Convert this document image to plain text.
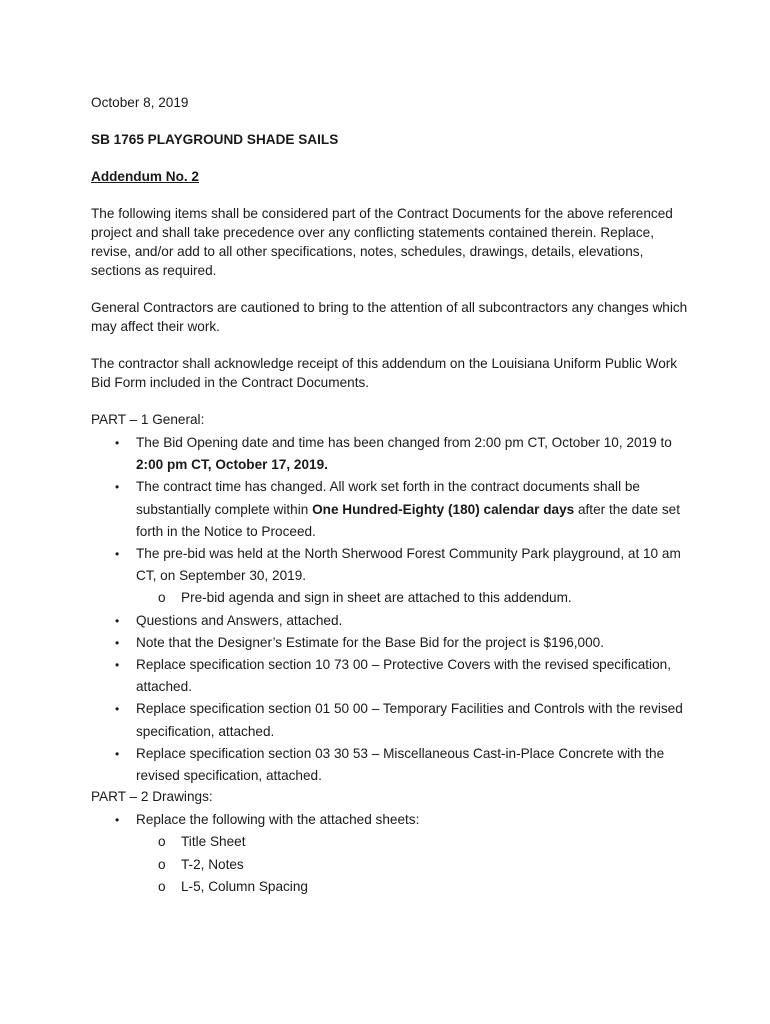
October 8, 2019

SB 1765 PLAYGROUND SHADE SAILS

Addendum No. 2

The following items shall be considered part of the Contract Documents for the above referenced project and shall take precedence over any conflicting statements contained therein. Replace, revise, and/or add to all other specifications, notes, schedules, drawings, details, elevations, sections as required.

General Contractors are cautioned to bring to the attention of all subcontractors any changes which may affect their work.

The contractor shall acknowledge receipt of this addendum on the Louisiana Uniform Public Work Bid Form included in the Contract Documents.

PART – 1 General:

• The Bid Opening date and time has been changed from 2:00 pm CT, October 10, 2019 to 2:00 pm CT, October 17, 2019.
• The contract time has changed. All work set forth in the contract documents shall be substantially complete within One Hundred-Eighty (180) calendar days after the date set forth in the Notice to Proceed.
• The pre-bid was held at the North Sherwood Forest Community Park playground, at 10 am CT, on September 30, 2019.
o Pre-bid agenda and sign in sheet are attached to this addendum.
• Questions and Answers, attached.
• Note that the Designer’s Estimate for the Base Bid for the project is $196,000.
• Replace specification section 10 73 00 – Protective Covers with the revised specification, attached.
• Replace specification section 01 50 00 – Temporary Facilities and Controls with the revised specification, attached.
• Replace specification section 03 30 53 – Miscellaneous Cast-in-Place Concrete with the revised specification, attached.

PART – 2 Drawings:

• Replace the following with the attached sheets:
o Title Sheet
o T-2, Notes
o L-5, Column Spacing
